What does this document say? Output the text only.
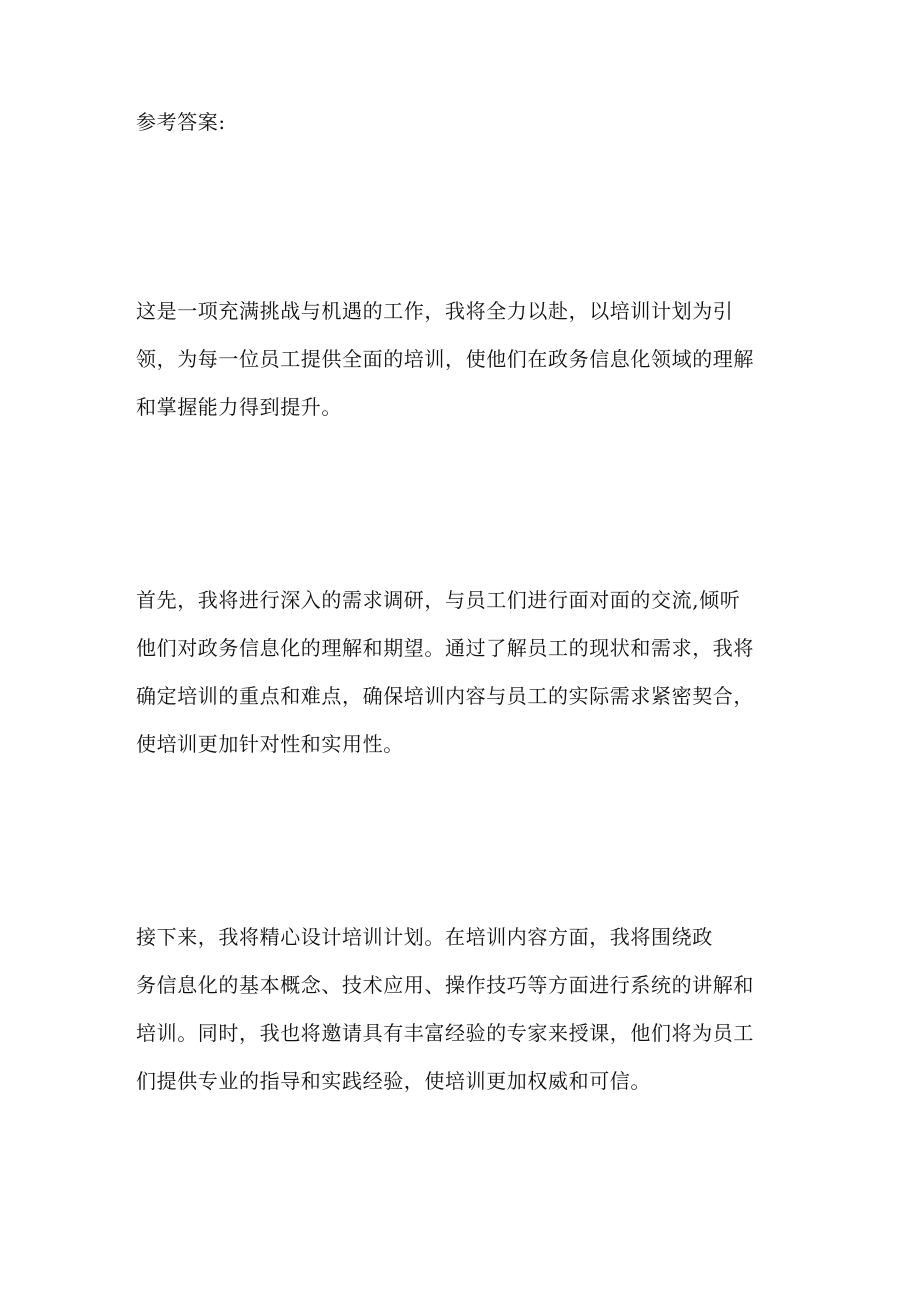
参考答案:
这是一项充满挑战与机遇的工作，我将全力以赴，以培训计划为引
领，为每一位员工提供全面的培训，使他们在政务信息化领域的理解
和掌握能力得到提升。
首先，我将进行深入的需求调研，与员工们进行面对面的交流,倾听
他们对政务信息化的理解和期望。通过了解员工的现状和需求，我将
确定培训的重点和难点，确保培训内容与员工的实际需求紧密契合，
使培训更加针对性和实用性。
接下来，我将精心设计培训计划。在培训内容方面，我将围绕政
务信息化的基本概念、技术应用、操作技巧等方面进行系统的讲解和
培训。同时，我也将邀请具有丰富经验的专家来授课，他们将为员工
们提供专业的指导和实践经验，使培训更加权威和可信。
